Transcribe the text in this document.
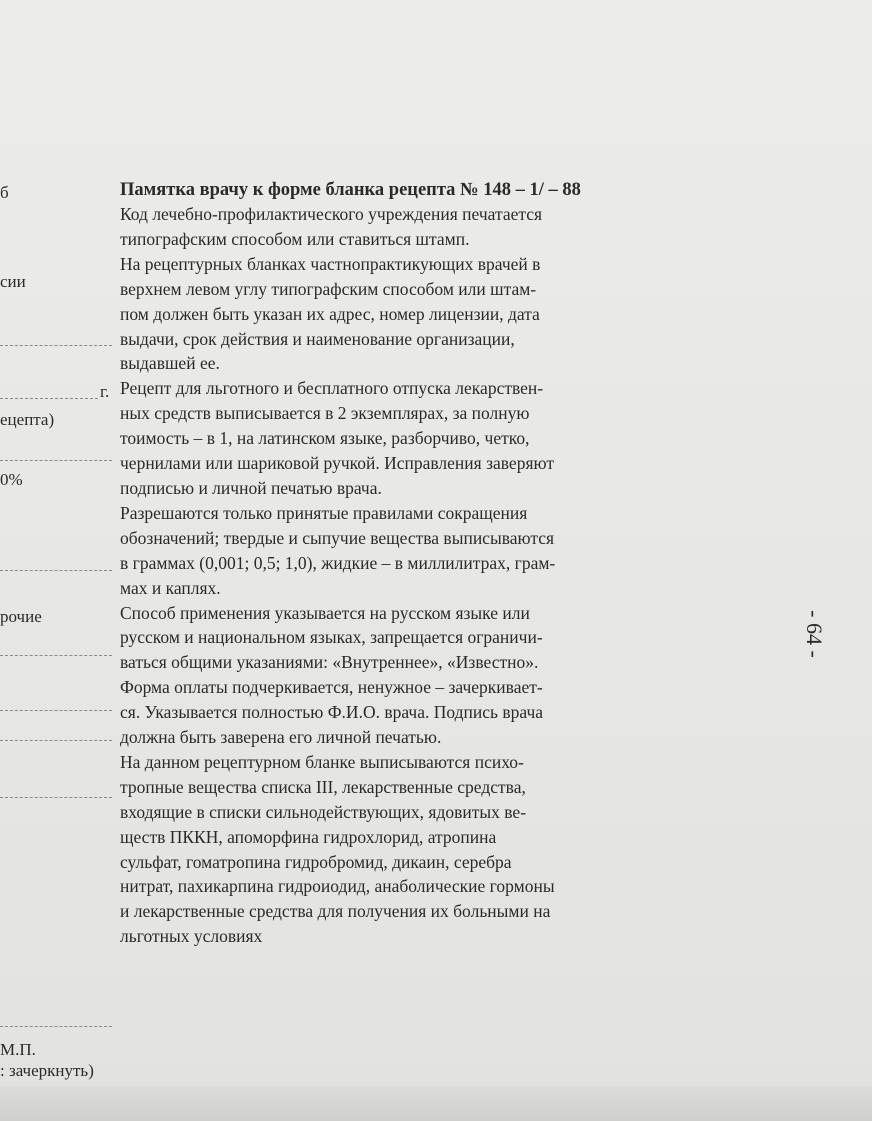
б
сии
г.
ецепта)
0%
рочие
М.П.
: зачеркнуть)

Памятка врачу к форме бланка рецепта № 148 – 1/ – 88

Код лечебно-профилактического учреждения печатается

типографским способом или ставиться штамп.

На рецептурных бланках частнопрактикующих врачей в

верхнем левом углу типографским способом или штам-

пом должен быть указан их адрес, номер лицензии, дата

выдачи, срок действия и наименование организации,

выдавшей ее.

Рецепт для льготного и бесплатного отпуска лекарствен-

ных средств выписывается в 2 экземплярах, за полную

тоимость – в 1, на латинском языке, разборчиво, четко,

чернилами или шариковой ручкой. Исправления заверяют

подписью и личной печатью врача.

Разрешаются только принятые правилами сокращения

обозначений; твердые и сыпучие вещества выписываются

в граммах (0,001; 0,5; 1,0), жидкие – в миллилитрах, грам-

мах и каплях.

Способ применения указывается на русском языке или

русском и национальном языках, запрещается ограничи-

ваться общими указаниями: «Внутреннее», «Известно».

Форма оплаты подчеркивается, ненужное – зачеркивает-

ся. Указывается полностью Ф.И.О. врача. Подпись врача

должна быть заверена его личной печатью.

На данном рецептурном бланке выписываются психо-

тропные вещества списка III, лекарственные средства,

входящие в списки сильнодействующих, ядовитых ве-

ществ ПККН, апоморфина гидрохлорид, атропина

сульфат, гоматропина гидробромид, дикаин, серебра

нитрат, пахикарпина гидроиодид, анаболические гормоны

и лекарственные средства для получения их больными на

льготных условиях

- 64 -
